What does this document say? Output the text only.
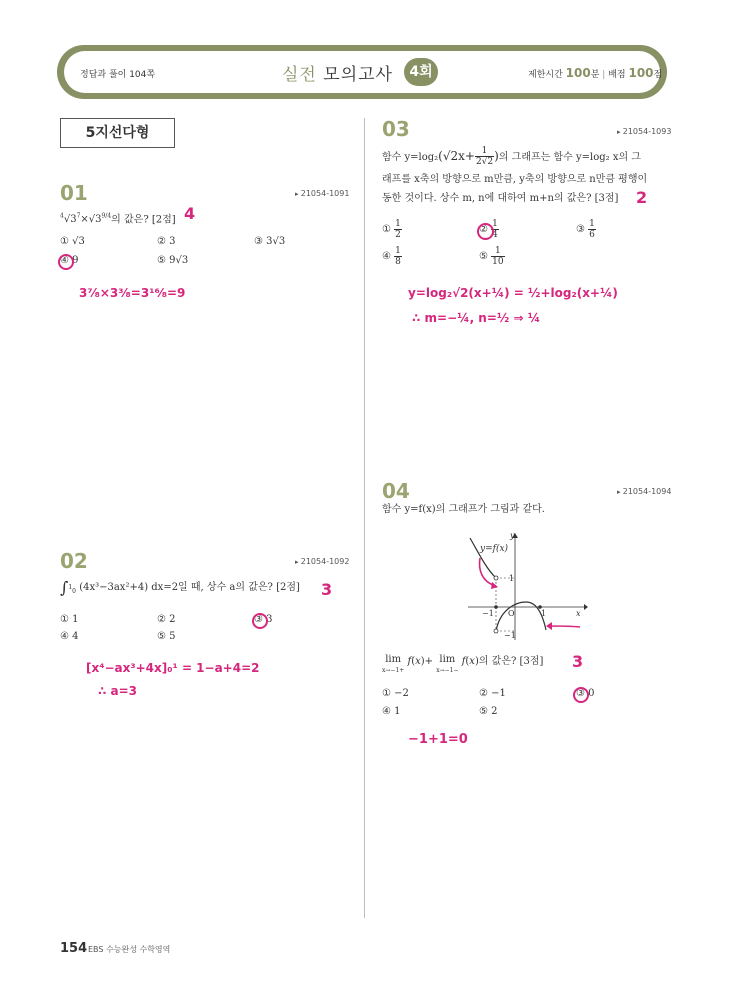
정답과 풀이 104쪽	실전 모의고사	4회	제한시간 100분 | 배점 100점
5지선다형
01	▸ 21054-1091
$^4√3^7\times√3^{9/4}$의 값은? [2점] 4
① √3	② 3	③ 3√3
④ 9	⑤ 9√3
3⁷⁄₈×3³⁄₈=3¹⁶⁄₈=9
02	▸ 21054-1092
∫$^1_0$ (4x³−3ax²+4) dx=2일 때, 상수 a의 값은? [2점] 3
① 1	② 2	③ 3
④ 4	⑤ 5
[x⁴−ax³+4x]₀¹ = 1−a+4=2
∴ a=3
03	▸ 21054-1093
함수 $y=\log_2(√2x+ \frac{1}{2√2}$ )의 그래프는 함수 y=log₂ x의 그
래프를 x축의 방향으로 m만큼, y축의 방향으로 n만큼 평행이
동한 것이다. 상수 m, n에 대하여 m+n의 값은? [3점] 2
① $\frac{1}{2}$	② $\frac{1}{4}$	③ $\frac{1}{6}$
④ $\frac{1}{8}$	⑤ $\frac{1}{10}$
y=log₂√2(x+¼) = ½+log₂(x+¼)
∴ m=−¼, n=½ ⇒ ¼
04	▸ 21054-1094
함수 y=f(x)의 그래프가 그림과 같다.
y=f(x)
y
x
1
−1 O	1
−1
lim
x→−1+ f(x)+ lim
x→−1− f(x)의 값은? [3점] 3
① −2	② −1	③ 0
④ 1	⑤ 2
−1+1=0
154 EBS 수능완성 수학영역
